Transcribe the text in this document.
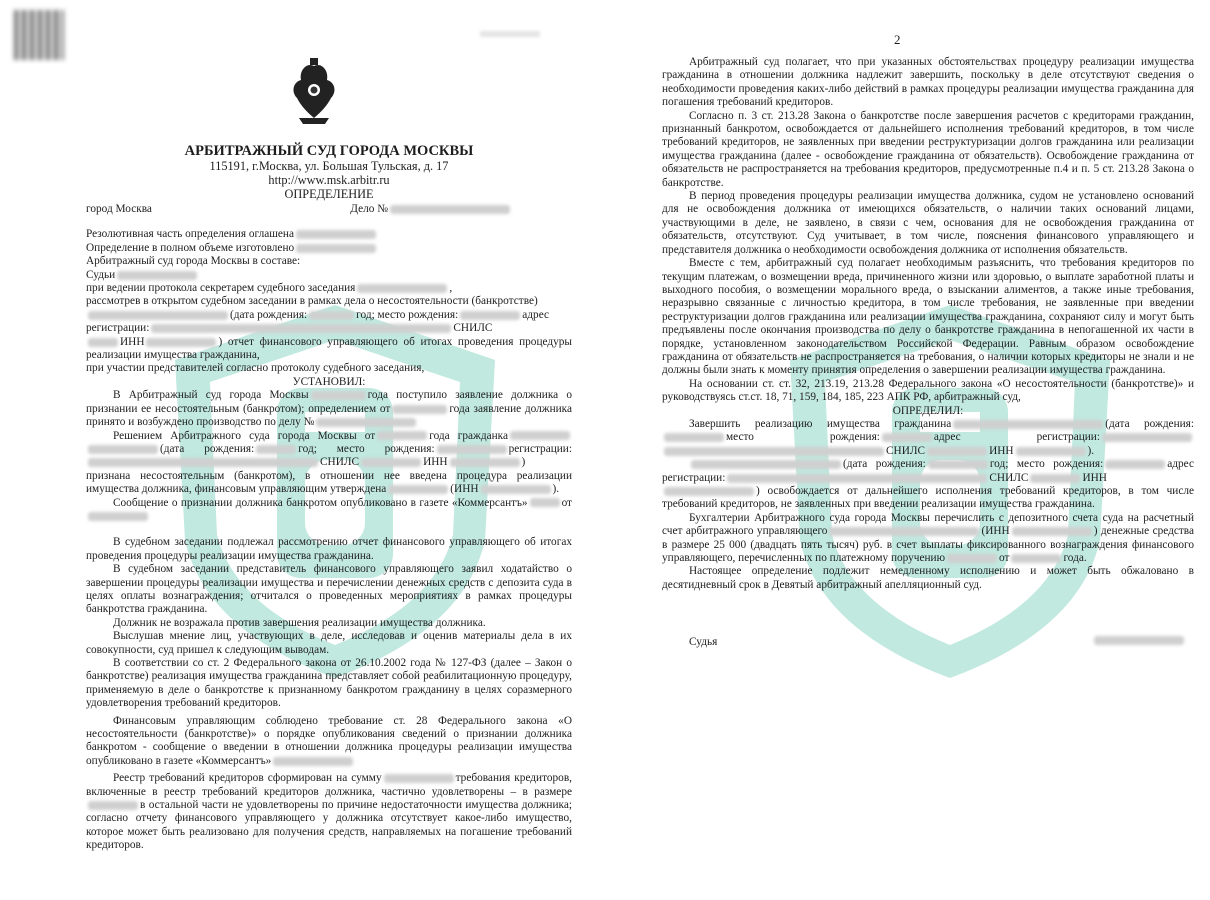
АРБИТРАЖНЫЙ СУД ГОРОДА МОСКВЫ
115191, г.Москва, ул. Большая Тульская, д. 17
http://www.msk.arbitr.ru
ОПРЕДЕЛЕНИЕ
город Москва	Дело №

Резолютивная часть определения оглашена

Определение в полном объеме изготовлено

Арбитражный суд города Москвы в составе:

Судьи

при ведении протокола секретарем судебного заседания	,

рассмотрев в открытом судебном заседании в рамках дела о несостоятельности (банкротстве)

(дата рождения:	год; место рождения:	адрес

регистрации:	СНИЛС

ИНН	) отчет финансового управляющего об итогах проведения процедуры реализации имущества гражданина,

при участии представителей согласно протоколу судебного заседания,

УСТАНОВИЛ:

В Арбитражный суд города Москвы	года поступило заявление должника о признании ее несостоятельным (банкротом); определением от	года заявление должника принято и возбуждено производство по делу №

Решением Арбитражного суда города Москвы от	года гражданка(дата рождения:	год; место рождения:	регистрации:СНИЛС	ИНН	) признана несостоятельным (банкротом), в отношении нее введена процедура реализации имущества должника, финансовым управляющим утверждена	(ИНН	).

Сообщение о признании должника банкротом опубликовано в газете «Коммерсантъ»	от

В судебном заседании подлежал рассмотрению отчет финансового управляющего об итогах проведения процедуры реализации имущества гражданина.

В судебном заседании представитель финансового управляющего заявил ходатайство о завершении процедуры реализации имущества и перечислении денежных средств с депозита суда в целях оплаты вознаграждения; отчитался о проведенных мероприятиях в рамках процедуры банкротства гражданина.

Должник не возражала против завершения реализации имущества должника.

Выслушав мнение лиц, участвующих в деле, исследовав и оценив материалы дела в их совокупности, суд пришел к следующим выводам.

В соответствии со ст. 2 Федерального закона от 26.10.2002 года № 127-ФЗ (далее – Закон о банкротстве) реализация имущества гражданина представляет собой реабилитационную процедуру, применяемую в деле о банкротстве к признанному банкротом гражданину в целях соразмерного удовлетворения требований кредиторов.

Финансовым управляющим соблюдено требование ст. 28 Федерального закона «О несостоятельности (банкротстве)» о порядке опубликования сведений о признании должника банкротом - сообщение о введении в отношении должника процедуры реализации имущества опубликовано в газете «Коммерсантъ»

Реестр требований кредиторов сформирован на сумму	требования кредиторов, включенные в реестр требований кредиторов должника, частично удовлетворены – в размерев остальной части не удовлетворены по причине недостаточности имущества должника; согласно отчету финансового управляющего у должника отсутствует какое-либо имущество, которое может быть реализовано для получения средств, направляемых на погашение требований кредиторов.

2

Арбитражный суд полагает, что при указанных обстоятельствах процедуру реализации имущества гражданина в отношении должника надлежит завершить, поскольку в деле отсутствуют сведения о необходимости проведения каких-либо действий в рамках процедуры реализации имущества гражданина для погашения требований кредиторов.

Согласно п. 3 ст. 213.28 Закона о банкротстве после завершения расчетов с кредиторами гражданин, признанный банкротом, освобождается от дальнейшего исполнения требований кредиторов, в том числе требований кредиторов, не заявленных при введении реструктуризации долгов гражданина или реализации имущества гражданина (далее - освобождение гражданина от обязательств). Освобождение гражданина от обязательств не распространяется на требования кредиторов, предусмотренные п.4 и п. 5 ст. 213.28 Закона о банкротстве.

В период проведения процедуры реализации имущества должника, судом не установлено оснований для не освобождения должника от имеющихся обязательств, о наличии таких оснований лицами, участвующими в деле, не заявлено, в связи с чем, основания для не освобождения гражданина от обязательств, отсутствуют. Суд учитывает, в том числе, пояснения финансового управляющего и представителя должника о необходимости освобождения должника от исполнения обязательств.

Вместе с тем, арбитражный суд полагает необходимым разъяснить, что требования кредиторов по текущим платежам, о возмещении вреда, причиненного жизни или здоровью, о выплате заработной платы и выходного пособия, о возмещении морального вреда, о взыскании алиментов, а также иные требования, неразрывно связанные с личностью кредитора, в том числе требования, не заявленные при введении реструктуризации долгов гражданина или реализации имущества гражданина, сохраняют силу и могут быть предъявлены после окончания производства по делу о банкротстве гражданина в непогашенной их части в порядке, установленном законодательством Российской Федерации. Равным образом освобождение гражданина от обязательств не распространяется на требования, о наличии которых кредиторы не знали и не должны были знать к моменту принятия определения о завершении реализации имущества гражданина.

На основании ст. ст. 32, 213.19, 213.28 Федерального закона «О несостоятельности (банкротстве)» и руководствуясь ст.ст. 18, 71, 159, 184, 185, 223 АПК РФ, арбитражный суд,

ОПРЕДЕЛИЛ:

Завершить реализацию имущества гражданина	(дата рождения:место рождения:	адрес регистрации:СНИЛС	ИНН	).

(дата рождения:	год; место рождения:	адрес регистрации:	СНИЛС	ИНН) освобождается от дальнейшего исполнения требований кредиторов, в том числе требований кредиторов, не заявленных при введении реализации имущества гражданина.

Бухгалтерии Арбитражного суда города Москвы перечислить с депозитного счета суда на расчетный счет арбитражного управляющего	(ИНН	) денежные средства в размере 25 000 (двадцать пять тысяч) руб. в счет выплаты фиксированного вознаграждения финансового управляющего, перечисленных по платежному поручению	от	года.

Настоящее определение подлежит немедленному исполнению и может быть обжаловано в десятидневный срок в Девятый арбитражный апелляционный суд.

Судья
